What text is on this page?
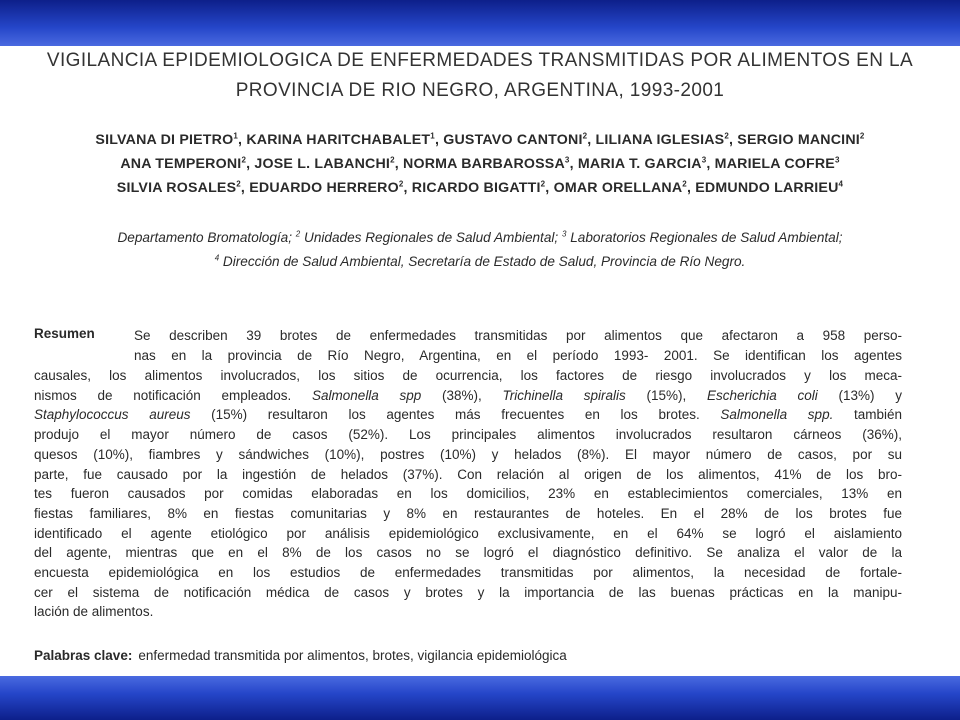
VIGILANCIA EPIDEMIOLOGICA DE ENFERMEDADES TRANSMITIDAS POR ALIMENTOS EN LA
PROVINCIA DE RIO NEGRO, ARGENTINA, 1993-2001
SILVANA DI PIETRO$^1$, KARINA HARITCHABALET$^1$, GUSTAVO CANTONI$^2$, LILIANA IGLESIAS$^2$, SERGIO MANCINI$^2$
ANA TEMPERONI$^2$, JOSE L. LABANCHI$^2$, NORMA BARBAROSSA$^3$, MARIA T. GARCIA$^3$, MARIELA COFRE$^3$
SILVIA ROSALES$^2$, EDUARDO HERRERO$^2$, RICARDO BIGATTI$^2$, OMAR ORELLANA$^2$, EDMUNDO LARRIEU$^4$
Departamento Bromatología; $^2$ Unidades Regionales de Salud Ambiental; $^3$ Laboratorios Regionales de Salud Ambiental;
$^4$ Dirección de Salud Ambiental, Secretaría de Estado de Salud, Provincia de Río Negro.
Resumen	Se describen 39 brotes de enfermedades transmitidas por alimentos que afectaron a 958 perso-
nas en la provincia de Río Negro, Argentina, en el período 1993- 2001. Se identifican los agentes
causales, los alimentos involucrados, los sitios de ocurrencia, los factores de riesgo involucrados y los meca-
nismos de notificación empleados. Salmonella spp (38%), Trichinella spiralis (15%), Escherichia coli (13%) y
Staphylococcus aureus (15%) resultaron los agentes más frecuentes en los brotes. Salmonella spp. también
produjo el mayor número de casos (52%). Los principales alimentos involucrados resultaron cárneos (36%),
quesos (10%), fiambres y sándwiches (10%), postres (10%) y helados (8%). El mayor número de casos, por su
parte, fue causado por la ingestión de helados (37%). Con relación al origen de los alimentos, 41% de los bro-
tes fueron causados por comidas elaboradas en los domicilios, 23% en establecimientos comerciales, 13% en
fiestas familiares, 8% en fiestas comunitarias y 8% en restaurantes de hoteles. En el 28% de los brotes fue
identificado el agente etiológico por análisis epidemiológico exclusivamente, en el 64% se logró el aislamiento
del agente, mientras que en el 8% de los casos no se logró el diagnóstico definitivo. Se analiza el valor de la
encuesta epidemiológica en los estudios de enfermedades transmitidas por alimentos, la necesidad de fortale-
cer el sistema de notificación médica de casos y brotes y la importancia de las buenas prácticas en la manipu-
lación de alimentos.
Palabras clave: enfermedad transmitida por alimentos, brotes, vigilancia epidemiológica
